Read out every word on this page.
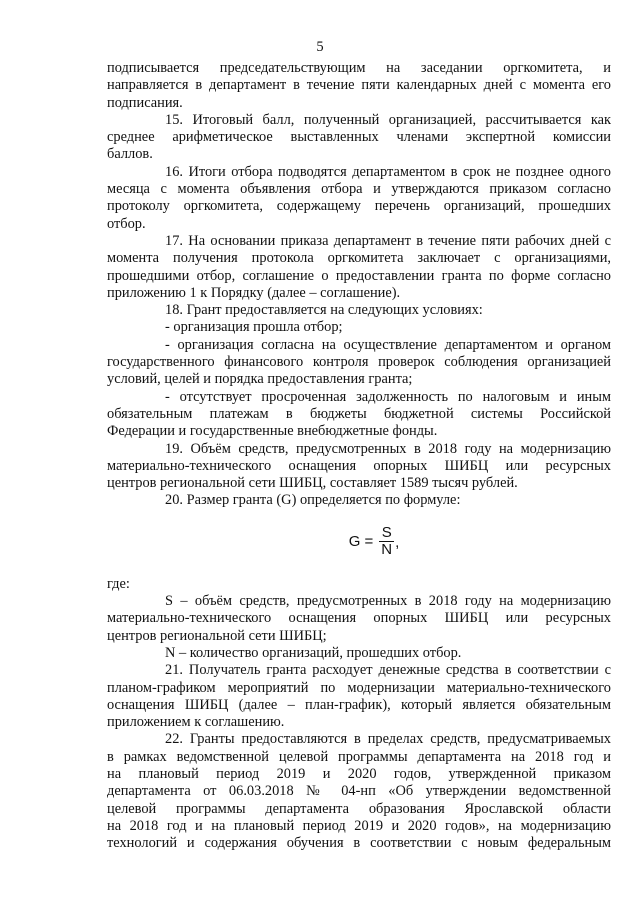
5
подписывается председательствующим на заседании оргкомитета, и
направляется в департамент в течение пяти календарных дней с момента его
подписания.
15. Итоговый балл, полученный организацией, рассчитывается как
среднее арифметическое выставленных членами экспертной комиссии
баллов.
16. Итоги отбора подводятся департаментом в срок не позднее одного
месяца с момента объявления отбора и утверждаются приказом согласно
протоколу оргкомитета, содержащему перечень организаций, прошедших
отбор.
17. На основании приказа департамент в течение пяти рабочих дней с
момента получения протокола оргкомитета заключает с организациями,
прошедшими отбор, соглашение о предоставлении гранта по форме согласно
приложению 1 к Порядку (далее – соглашение).
18. Грант предоставляется на следующих условиях:
- организация прошла отбор;
- организация согласна на осуществление департаментом и органом
государственного финансового контроля проверок соблюдения организацией
условий, целей и порядка предоставления гранта;
- отсутствует просроченная задолженность по налоговым и иным
обязательным платежам в бюджеты бюджетной системы Российской
Федерации и государственные внебюджетные фонды.
19. Объём средств, предусмотренных в 2018 году на модернизацию
материально-технического оснащения опорных ШИБЦ или ресурсных
центров региональной сети ШИБЦ, составляет 1589 тысяч рублей.
20. Размер гранта (G) определяется по формуле:
$G = \frac{S}{N}$ ,
где:
S – объём средств, предусмотренных в 2018 году на модернизацию
материально-технического оснащения опорных ШИБЦ или ресурсных
центров региональной сети ШИБЦ;
N – количество организаций, прошедших отбор.
21. Получатель гранта расходует денежные средства в соответствии с
планом-графиком мероприятий по модернизации материально-технического
оснащения ШИБЦ (далее – план-график), который является обязательным
приложением к соглашению.
22. Гранты предоставляются в пределах средств, предусматриваемых
в рамках ведомственной целевой программы департамента на 2018 год и
на плановый период 2019 и 2020 годов, утвержденной приказом
департамента от 06.03.2018 № 04-нп «Об утверждении ведомственной
целевой программы департамента образования Ярославской области
на 2018 год и на плановый период 2019 и 2020 годов», на модернизацию
технологий и содержания обучения в соответствии с новым федеральным
